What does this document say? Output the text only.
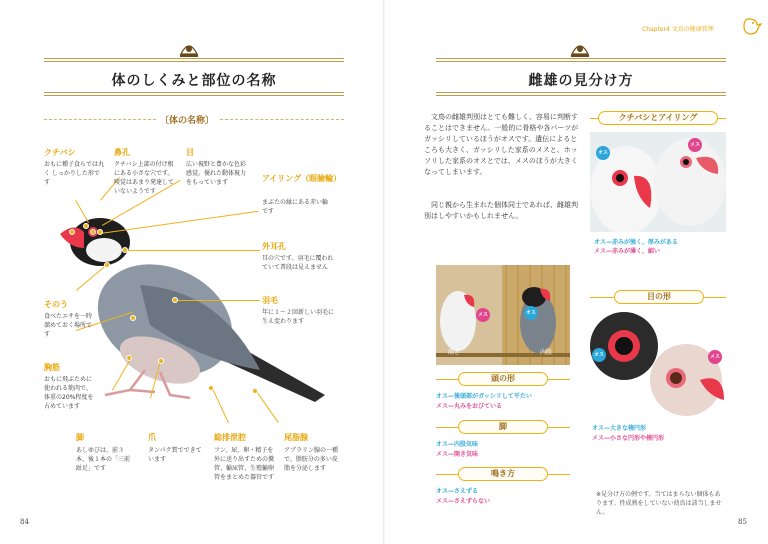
体のしくみと部位の名称
〔体の名称〕
クチバシ
おもに種子食らでは丸く しっかりした形です
鼻孔
クチバシ上部の付け根にある小さな穴です。嗅覚はあまり発達していないようです
目
広い視野と豊かな色彩感覚。優れた動体視力をもっています	アイリング（眼瞼輪）
まぶたの縁にある赤い輪です
外耳孔
耳の穴です。羽毛に覆われていて普段は見えません
羽毛
年に１～２回新しい羽毛に生え変わります
そのう
食べたエサを一時溜めておく場所です
胸筋
おもに飛ぶために使われる筋肉で、体重の20%程度を占めています
脚
あしゆびは、前３本、後１本の「三前趾足」です
爪
タンパク質でできています
総排泄腔
フン、尿、卵・精子を外に送り出すための糞管、輸尿管、生殖輸卵管をまとめた器官です
尾脂腺
アブラリン腺の一種で、脂肪分の多い皮脂を分泌します
84
Chapter4 文鳥の健康管理
雌雄の見分け方
文鳥の雌雄判別はとても難しく、容易に判断することはできません。一般的に骨格や各パーツがガッシリしているほうがオスです。遺伝によるところも大きく、ガッシリした家系のメスと、ホッソリした家系のオスとでは、メスのほうが大きくなってしまいます。
同じ親から生まれた個体同士であれば、雌雄判別はしやすいかもしれません。
クチバシとアイリング
オス
メス
オス—赤みが強く、厚みがある
メス—赤みが薄く、細い
メス	オス
開き	内股
頭の形
オス—後頭部がガッシリして平たい
メス—丸みをおびている
脚
オス—内股気味
メス—開き気味
鳴き方
オス—さえずる
メス—さえずらない
目の形
オス	メス
オス—大きな楕円形
メス—小さな円形や楕円形
※見分け方の例です。当てはまらない個体もあります。性成熟をしていない幼鳥は該当しません。
85
